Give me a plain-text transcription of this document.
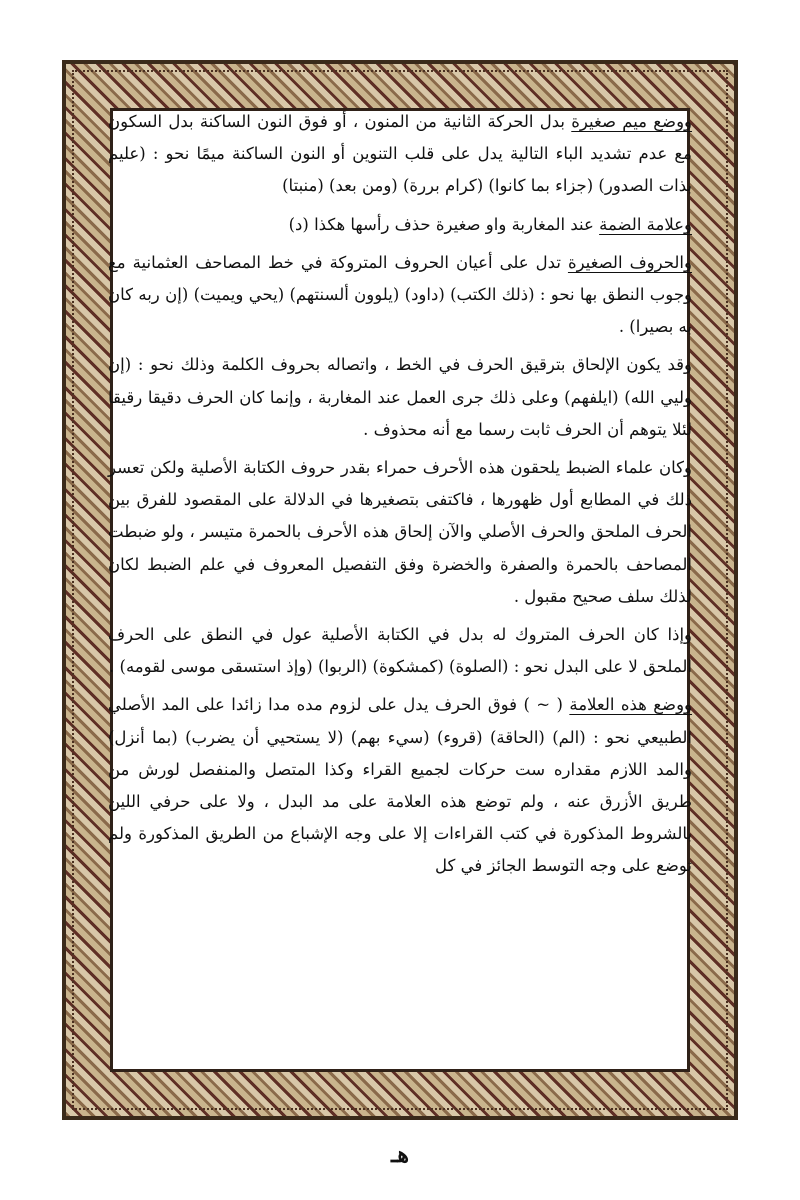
ووضع ميم صغيرة بدل الحركة الثانية من المنون ، أو فوق النون الساكنة بدل السكون مع عدم تشديد الباء التالية يدل على قلب التنوين أو النون الساكنة ميمًا نحو : (عليم بذات الصدور) (جزاء بما كانوا) (كرام بررة) (ومن بعد) (منبتا)

وعلامة الضمة عند المغاربة واو صغيرة حذف رأسها هكذا (د)

والحروف الصغيرة تدل على أعيان الحروف المتروكة في خط المصاحف العثمانية مع وجوب النطق بها نحو : (ذلك الكتب) (داود) (يلوون ألسنتهم) (يحي ويميت) (إن ربه كان به بصيرا) .

وقد يكون الإلحاق بترقيق الحرف في الخط ، واتصاله بحروف الكلمة وذلك نحو : (إن وليي الله) (ايلفهم) وعلى ذلك جرى العمل عند المغاربة ، وإنما كان الحرف دقيقا رقيقا لئلا يتوهم أن الحرف ثابت رسما مع أنه محذوف .

وكان علماء الضبط يلحقون هذه الأحرف حمراء بقدر حروف الكتابة الأصلية ولكن تعسر ذلك في المطابع أول ظهورها ، فاكتفى بتصغيرها في الدلالة على المقصود للفرق بين الحرف الملحق والحرف الأصلي والآن إلحاق هذه الأحرف بالحمرة متيسر ، ولو ضبطت المصاحف بالحمرة والصفرة والخضرة وفق التفصيل المعروف في علم الضبط لكان لذلك سلف صحيح مقبول .

وإذا كان الحرف المتروك له بدل في الكتابة الأصلية عول في النطق على الحرف الملحق لا على البدل نحو : (الصلوة) (كمشكوة) (الربوا) (وإذ استسقى موسى لقومه) .

ووضع هذه العلامة ( ~ ) فوق الحرف يدل على لزوم مده مدا زائدا على المد الأصلي الطبيعي نحو : (الم) (الحاقة) (قروء) (سيء بهم) (لا يستحيي أن يضرب) (بما أنزل) والمد اللازم مقداره ست حركات لجميع القراء وكذا المتصل والمنفصل لورش من طريق الأزرق عنه ، ولم توضع هذه العلامة على مد البدل ، ولا على حرفي اللين بالشروط المذكورة في كتب القراءات إلا على وجه الإشباع من الطريق المذكورة ولم توضع على وجه التوسط الجائز في كل

هـ
